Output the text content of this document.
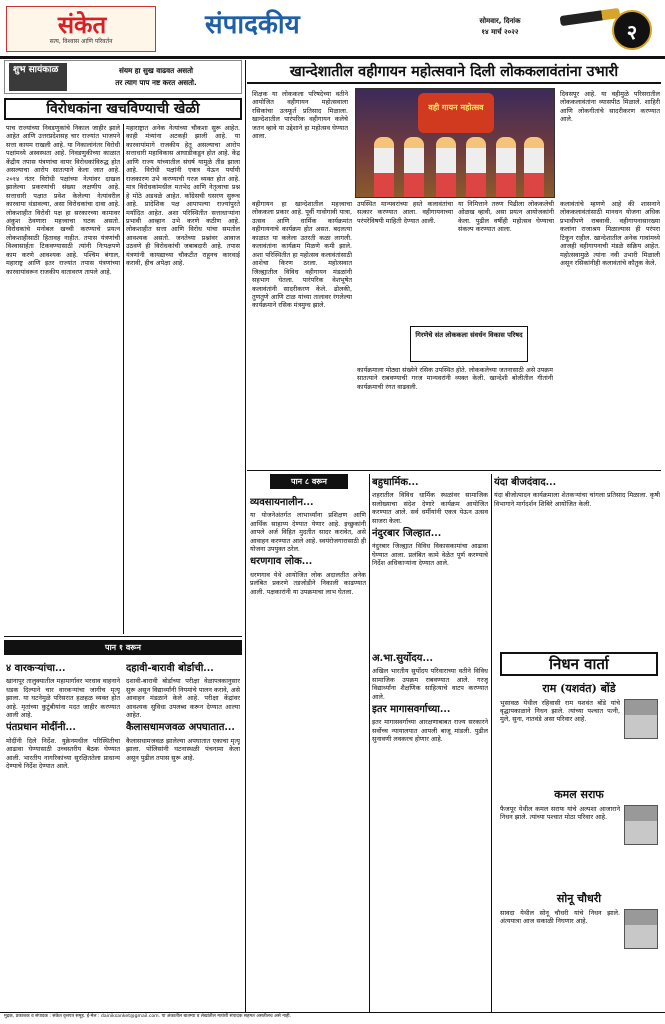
संकेत
सत्य, विश्वास आणि परिवर्तन
संपादकीय	सोमवार, दिनांक
१४ मार्च २०२२	२
शुभ सायंकाळ	संयम हा सुख वाढवत असतो
तर त्याग पाप नष्ट करत असतो.
विरोधकांना खचविण्याची खेळी
पाच राज्यांच्या निवडणुकांचे निकाल जाहीर झाले आहेत आणि उत्तरप्रदेशसह चार राज्यांत भाजपने सत्ता कायम राखली आहे. या निकालांनंतर विरोधी पक्षांमध्ये अस्वस्थता आहे. निवडणुकीच्या काळात केंद्रीय तपास यंत्रणांचा वापर विरोधकांविरुद्ध होत असल्याचा आरोप सातत्याने केला जात आहे. २०१४ नंतर विरोधी पक्षांच्या नेत्यांवर दाखल झालेल्या प्रकरणांची संख्या लक्षणीय आहे. सत्ताधारी पक्षात प्रवेश केलेल्या नेत्यांवरील कारवाया थंडावल्या, असा विरोधकांचा दावा आहे. लोकशाहीत विरोधी पक्ष हा सरकारच्या कामावर अंकुश ठेवणारा महत्त्वाचा घटक असतो. विरोधकांचे मनोबल खच्ची करण्याचे प्रयत्न लोकशाहीसाठी हितावह नाहीत. तपास यंत्रणांची विश्वासार्हता टिकवण्यासाठी त्यांनी निःपक्षपणे काम करणे आवश्यक आहे. पश्चिम बंगाल, महाराष्ट्र आणि इतर राज्यांत तपास यंत्रणांच्या कारवायांवरून राजकीय वातावरण तापले आहे.
महाराष्ट्रात अनेक नेत्यांच्या चौकशा सुरू आहेत. काही मंत्र्यांना अटकही झाली आहे. या कारवायांमागे राजकीय हेतू असल्याचा आरोप सत्ताधारी महाविकास आघाडीकडून होत आहे. केंद्र आणि राज्य यांच्यातील संघर्ष यामुळे तीव्र झाला आहे. विरोधी पक्षांनी एकत्र येऊन पर्यायी राजकारण उभे करण्याची गरज व्यक्त होत आहे. मात्र विरोधकांमधील मतभेद आणि नेतृत्वाचा प्रश्न हे मोठे अडथळे आहेत. काँग्रेसची घसरण सुरूच आहे. प्रादेशिक पक्ष आपापल्या राज्यांपुरते मर्यादित आहेत. अशा परिस्थितीत सत्ताधाऱ्यांना प्रभावी आव्हान उभे करणे कठीण आहे. लोकशाहीत सत्ता आणि विरोध यांचा समतोल आवश्यक असतो. जनतेच्या प्रश्नांवर आवाज उठवणे ही विरोधकांची जबाबदारी आहे. तपास यंत्रणांनी कायद्याच्या चौकटीत राहूनच कारवाई करावी, हीच अपेक्षा आहे.
खान्देशातील वहीगायन महोत्सवाने दिली लोककलावंतांना उभारी
शिक्षक या लोककला परिषदेच्या वतीने आयोजित वहीगायन महोत्सवाला रसिकांचा उत्स्फूर्त प्रतिसाद मिळाला. खान्देशातील पारंपरिक वहीगायन कलेचे जतन व्हावे या उद्देशाने हा महोत्सव घेण्यात आला.
वही गायन महोत्सव
दिवसपूर आहे. या वहीमुळे परिसरातील लोककलावंतांना व्यासपीठ मिळाले. शाहिरी आणि लोकगीतांचे सादरीकरण करण्यात आले.
वहीगायन हा खान्देशातील महत्त्वाचा लोककला प्रकार आहे. पूर्वी गावोगावी यात्रा, उत्सव आणि धार्मिक कार्यक्रमांत वहीगायनाचे कार्यक्रम होत असत. बदलत्या काळात या कलेला उतरती कळा लागली. कलावंतांना कार्यक्रम मिळणे कमी झाले. अशा परिस्थितीत हा महोत्सव कलावंतांसाठी आशेचा किरण ठरला. महोत्सवात जिल्ह्यातील विविध वहीगायन मंडळांनी सहभाग घेतला. पारंपरिक वेशभूषेत कलावंतांनी सादरीकरण केले. ढोलकी, तुणतुणे आणि टाळ यांच्या तालावर रंगलेल्या कार्यक्रमाने रसिक मंत्रमुग्ध झाले.
उपस्थित मान्यवरांच्या हस्ते कलावंतांचा सत्कार करण्यात आला. वहीगायनाच्या परंपरेविषयी माहिती देण्यात आली.
या निमित्ताने तरुण पिढीला लोककलेची ओळख व्हावी, असा प्रयत्न आयोजकांनी केला. पुढील वर्षीही महोत्सव घेण्याचा संकल्प करण्यात आला.
कलावंतांचे म्हणणे आहे की शासनाने लोककलावंतांसाठी मानधन योजना अधिक प्रभावीपणे राबवावी. वहीगायनासारख्या कलांना राजाश्रय मिळाल्यास ही परंपरा टिकून राहील. खान्देशातील अनेक गावांमध्ये आजही वहीगायनाची मंडळे सक्रिय आहेत. महोत्सवामुळे त्यांना नवी उभारी मिळाली असून रसिकांनीही कलावंतांचे कौतुक केले.
गिरणेचे संत लोककला संवर्धन विकास परिषद
कार्यक्रमाला मोठ्या संख्येने रसिक उपस्थित होते. लोककलेच्या जतनासाठी असे उपक्रम सातत्याने राबवण्याची गरज मान्यवरांनी व्यक्त केली. खान्देशी बोलीतील गीतांनी कार्यक्रमाची रंगत वाढवली.
पान १ वरून
४ वारकऱ्यांचा...
खानापूर तालुक्यातील महामार्गावर भरधाव वाहनाने धडक दिल्याने चार वारकऱ्यांचा जागीच मृत्यू झाला. या घटनेमुळे परिसरात हळहळ व्यक्त होत आहे. मृतांच्या कुटुंबीयांना मदत जाहीर करण्यात आली आहे.
पंतप्रधान मोदींनी...
मोदींनी दिले निर्देश. युक्रेनमधील परिस्थितीचा आढावा घेण्यासाठी उच्चस्तरीय बैठक घेण्यात आली. भारतीय नागरिकांच्या सुरक्षिततेला प्राधान्य देण्याचे निर्देश देण्यात आले.
दहावी-बारावी बोर्डाची...
दशावी-बारावी बोर्डाच्या परीक्षा वेळापत्रकानुसार सुरू असून विद्यार्थ्यांनी नियमांचे पालन करावे, असे आवाहन मंडळाने केले आहे. परीक्षा केंद्रांवर आवश्यक सुविधा उपलब्ध करून देण्यात आल्या आहेत.
कैलासधामजवळ अपघातात...
कैलासधामजवळ झालेल्या अपघातात एकाचा मृत्यू झाला. पोलिसांनी घटनास्थळी पंचनामा केला असून पुढील तपास सुरू आहे.
पान ८ वरून
व्यवसायनालीन...
या योजनेअंतर्गत लाभार्थ्यांना प्रशिक्षण आणि आर्थिक साहाय्य देण्यात येणार आहे. इच्छुकांनी आपले अर्ज विहित मुदतीत सादर करावेत, असे आवाहन करण्यात आले आहे. स्वयंरोजगारासाठी ही योजना उपयुक्त ठरेल.
धरणगाव लोक...
धरणगाव येथे आयोजित लोक अदालतीत अनेक प्रलंबित प्रकरणे तडजोडीने निकाली काढण्यात आली. पक्षकारांनी या उपक्रमाचा लाभ घेतला.
बहुधार्मिक...
शहरातील विविध धार्मिक स्थळांवर सामाजिक सलोख्याचा संदेश देणारे कार्यक्रम आयोजित करण्यात आले. सर्व धर्मीयांनी एकत्र येऊन उत्सव साजरा केला.
नंदुरबार जिल्हात...
नंदुरबार जिल्ह्यात विविध विकासकामांचा आढावा घेण्यात आला. प्रलंबित कामे वेळेत पूर्ण करण्याचे निर्देश अधिकाऱ्यांना देण्यात आले.
यंदा बीजदंवाद...
यंदा बीजोत्पादन कार्यक्रमाला शेतकऱ्यांचा चांगला प्रतिसाद मिळाला. कृषी विभागाने मार्गदर्शन शिबिरे आयोजित केली.
अ.भा.सुर्योदय...
अखिल भारतीय सुर्योदय परिवाराच्या वतीने विविध सामाजिक उपक्रम राबवण्यात आले. गरजू विद्यार्थ्यांना शैक्षणिक साहित्याचे वाटप करण्यात आले.
इतर मागासवर्गाच्या...
इतर मागासवर्गाच्या आरक्षणाबाबत राज्य सरकारने सर्वोच्च न्यायालयात आपली बाजू मांडली. पुढील सुनावणी लवकरच होणार आहे.
निधन वार्ता
राम (यशवंत) बोंडे
भुसावळ येथील रहिवासी राम यशवंत बोंडे यांचे वृद्धापकाळाने निधन झाले. त्यांच्या पश्चात पत्नी, मुले, सुना, नातवंडे असा परिवार आहे.
कमल सराफ
फैजपूर येथील कमल सराफ यांचे अल्पशा आजाराने निधन झाले. त्यांच्या पश्चात मोठा परिवार आहे.
सोनू चौधरी
सावदा येथील सोनू चौधरी यांचे निधन झाले. अंत्ययात्रा आज सकाळी निघणार आहे.
मुद्रक, प्रकाशक व संपादक : संकेत वृत्तपत्र समूह. ई-मेल : dainiksanket@gmail.com. या अंकातील बातम्या व लेखांतील मतांशी संपादक सहमत असतीलच असे नाही.
